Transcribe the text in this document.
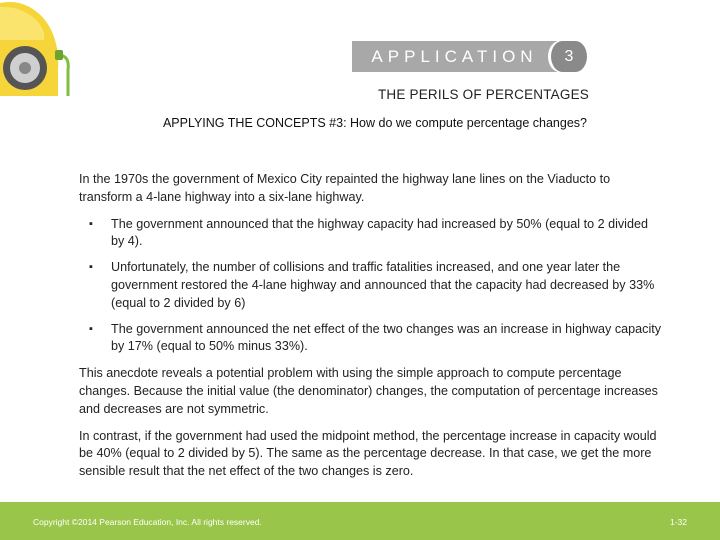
APPLICATION	3
THE PERILS OF PERCENTAGES
APPLYING THE CONCEPTS #3: How do we compute percentage changes?

In the 1970s the government of Mexico City repainted the highway lane lines on the Viaducto to transform a 4-lane highway into a six-lane highway.

▪ The government announced that the highway capacity had increased by 50% (equal to 2 divided by 4).
▪ Unfortunately, the number of collisions and traffic fatalities increased, and one year later the government restored the 4-lane highway and announced that the capacity had decreased by 33% (equal to 2 divided by 6)
▪ The government announced the net effect of the two changes was an increase in highway capacity by 17% (equal to 50% minus 33%).

This anecdote reveals a potential problem with using the simple approach to compute percentage changes. Because the initial value (the denominator) changes, the computation of percentage increases and decreases are not symmetric.

In contrast, if the government had used the midpoint method, the percentage increase in capacity would be 40% (equal to 2 divided by 5). The same as the percentage decrease. In that case, we get the more sensible result that the net effect of the two changes is zero.

Copyright ©2014 Pearson Education, Inc. All rights reserved.	1-32
